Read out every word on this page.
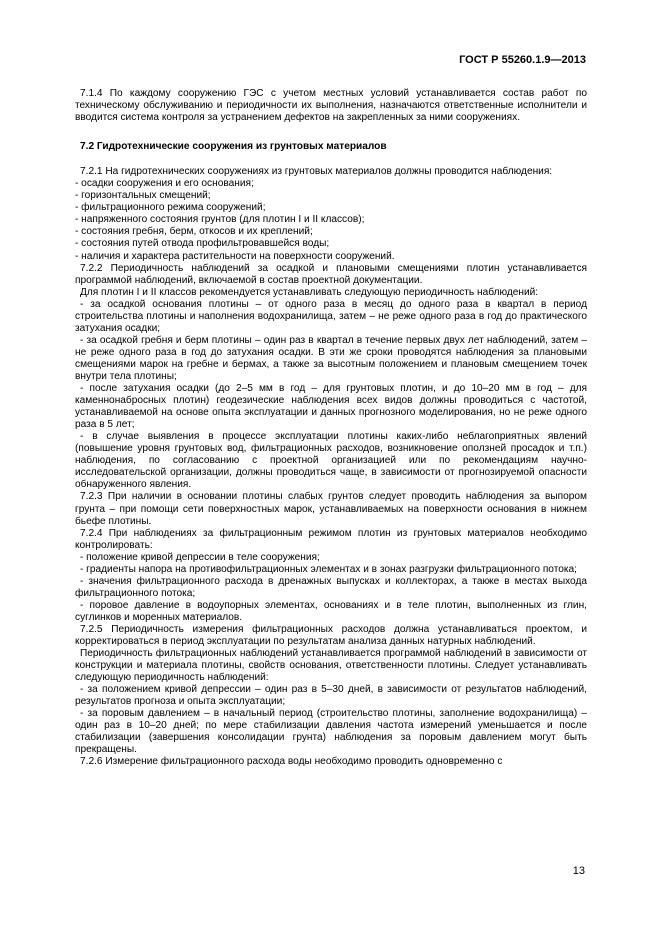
ГОСТ Р 55260.1.9—2013

7.1.4 По каждому сооружению ГЭС с учетом местных условий устанавливается состав работ по техническому обслуживанию и периодичности их выполнения, назначаются ответственные исполнители и вводится система контроля за устранением дефектов на закрепленных за ними сооружениях.

7.2 Гидротехнические сооружения из грунтовых материалов

7.2.1 На гидротехнических сооружениях из грунтовых материалов должны проводится наблюдения:

- осадки сооружения и его основания;

- горизонтальных смещений;

- фильтрационного режима сооружений;

- напряженного состояния грунтов (для плотин I и II классов);

- состояния гребня, берм, откосов и их креплений;

- состояния путей отвода профильтровавшейся воды;

- наличия и характера растительности на поверхности сооружений.

7.2.2 Периодичность наблюдений за осадкой и плановыми смещениями плотин устанавливается программой наблюдений, включаемой в состав проектной документации.

Для плотин I и II классов рекомендуется устанавливать следующую периодичность наблюдений:

- за осадкой основания плотины – от одного раза в месяц до одного раза в квартал в период строительства плотины и наполнения водохранилища, затем – не реже одного раза в год до практического затухания осадки;

- за осадкой гребня и берм плотины – один раз в квартал в течение первых двух лет наблюдений, затем – не реже одного раза в год до затухания осадки. В эти же сроки проводятся наблюдения за плановыми смещениями марок на гребне и бермах, а также за высотным положением и плановым смещением точек внутри тела плотины;

- после затухания осадки (до 2–5 мм в год – для грунтовых плотин, и до 10–20 мм в год – для каменнонабросных плотин) геодезические наблюдения всех видов должны проводиться с частотой, устанавливаемой на основе опыта эксплуатации и данных прогнозного моделирования, но не реже одного раза в 5 лет;

- в случае выявления в процессе эксплуатации плотины каких-либо неблагоприятных явлений (повышение уровня грунтовых вод, фильтрационных расходов, возникновение оползней просадок и т.п.) наблюдения, по согласованию с проектной организацией или по рекомендациям научно-исследовательской организации, должны проводиться чаще, в зависимости от прогнозируемой опасности обнаруженного явления.

7.2.3 При наличии в основании плотины слабых грунтов следует проводить наблюдения за выпором грунта – при помощи сети поверхностных марок, устанавливаемых на поверхности основания в нижнем бьефе плотины.

7.2.4 При наблюдениях за фильтрационным режимом плотин из грунтовых материалов необходимо контролировать:

- положение кривой депрессии в теле сооружения;

- градиенты напора на противофильтрационных элементах и в зонах разгрузки фильтрационного потока;

- значения фильтрационного расхода в дренажных выпусках и коллекторах, а также в местах выхода фильтрационного потока;

- поровое давление в водоупорных элементах, основаниях и в теле плотин, выполненных из глин, суглинков и моренных материалов.

7.2.5 Периодичность измерения фильтрационных расходов должна устанавливаться проектом, и корректироваться в период эксплуатации по результатам анализа данных натурных наблюдений.

Периодичность фильтрационных наблюдений устанавливается программой наблюдений в зависимости от конструкции и материала плотины, свойств основания, ответственности плотины. Следует устанавливать следующую периодичность наблюдений:

- за положением кривой депрессии – один раз в 5–30 дней, в зависимости от результатов наблюдений, результатов прогноза и опыта эксплуатации;

- за поровым давлением – в начальный период (строительство плотины, заполнение водохранилища) – один раз в 10–20 дней; по мере стабилизации давления частота измерений уменьшается и после стабилизации (завершения консолидации грунта) наблюдения за поровым давлением могут быть прекращены.

7.2.6 Измерение фильтрационного расхода воды необходимо проводить одновременно с

13
